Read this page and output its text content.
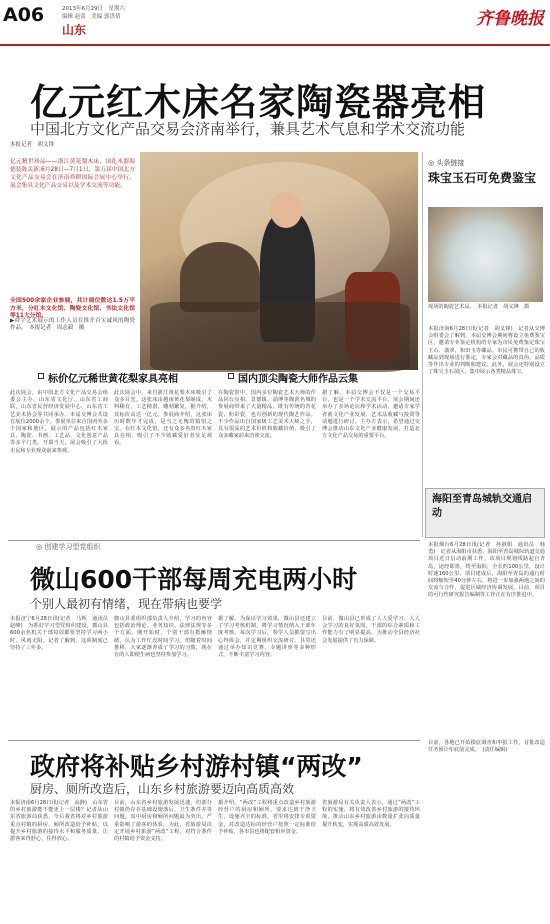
A06	2013年6月29日　星期六
编辑 赵蕾　美编 郭洪倩
山东
齐鲁晚报
亿元红木床名家陶瓷器亮相
中国北方文化产品交易会济南举行，兼具艺术气息和学术交流功能
本报记者　胡义锋
亿元精世珍品——浙江黄花梨木床、国礼木器海德装陈关新;6月28日—7月1日，第五届中国北方文化产品交易会在济南舜耕国际会展中心举行。展会集具文化产品交易以及学术交流等功能。
全国500余家企业参展，共计展位数达1.5万平方米，分红木文化馆、陶瓷文化馆、书法文化馆等11大分馆。
▶舜宇艺术展示的工作人员在推介百宝诚风的陶瓷作品。　本报记者　周志毅　摄
◎ 头条链接
珠宝玉石可免费鉴宝
现场的陶瓷艺术品。　本报记者　胡义锋　摄
本报济南6月28日讯(记者　胡义锋)　记者从交博会组委会了解到，本届交博会期间将设立免费鉴宝区，邀请专业鉴定机构的专家为市民免费鉴定珠宝玉石、翡翠、和田玉等藏品。市民可携带自己的收藏品到现场进行鉴定，专家会对藏品的真伪、品质等作出专业的判断和建议。此外，展会还特别设立了珠宝玉石展区，集中展示各类精品珠宝。
标价亿元稀世黄花梨家具亮相	国内顶尖陶瓷大师作品云集
此次展会，由中国北方文化产品交易会组委会主办，山东省文化厅、山东省工商联、山东省民营经济发展中心、山东省工艺美术协会等共同承办。本届交博会共设有展位2000余个，参展单位来自国内外多个国家和地区，展示的产品包括红木家具、陶瓷、书画、工艺品、文化创意产品等多个门类。开幕当天，展会吸引了大批市民和专业观众前来参观。
此次展会中，来自浙江黄花梨木床吸引了众多目光。这张床由越南黄花梨制成，木料稀有，工艺精湛，雕刻繁复，据介绍，其标价高达一亿元。参展商介绍，这张床历时数年才完成，是当之无愧的镇馆之宝。在红木文化馆，还有众多名贵红木家具亮相，吸引了不少收藏爱好者驻足观看。
在陶瓷馆中，国内多位陶瓷艺术大师的作品同台亮相。景德镇、淄博等陶瓷名城的参展商带来了大量精品，既有传统的青花瓷、粉彩瓷，也有创新的现代陶艺作品。不少作品出自国家级工艺美术大师之手，具有很高的艺术价值和收藏价值，吸引了众多藏家前来洽谈交流。
据了解，本届交博会不仅是一个交易平台，也是一个学术交流平台。展会期间还举办了多场论坛和学术活动，邀请专家学者就文化产业发展、艺术品收藏与投资等话题进行研讨。主办方表示，希望通过交博会推动山东文化产业健康发展，打造北方文化产品交易的重要平台。
海阳至青岛城轨交通启动
本报烟台6月28日讯(记者　孙淑娟　通讯员　韩勇)　记者从海阳市获悉，海阳至青岛城际轨道交通项目近日启动前期工作。该项目规划线路起自青岛，途经即墨，终至海阳，全长约100公里，设计时速160公里。项目建成后，海阳至青岛的通行时间将缩短至40分钟左右，将进一步加强两地之间的交流与合作，促进区域经济协调发展。目前，项目的可行性研究报告编制等工作正在有序推进中。
◎ 创建学习型党组织
微山600干部每周充电两小时
个别人最初有情绪，现在带病也要学
本报济宁6月28日讯(记者　马辉　通讯员　赵峰)　为抓好学习型党组织建设，微山县600余名机关干部每周都要坚持学习两小时，风雨无阻。记者了解到，这项制度已坚持了三年多。
微山县委组织部负责人介绍，学习的内容包括政治理论、业务知识、法律法规等多个方面。刚开始时，个别干部有抵触情绪，认为工作忙没时间学习。但随着时间推移，大家逐渐养成了学习的习惯，现在有的人即使生病也坚持参加学习。
据了解，为保证学习效果，微山县还建立了学习考核机制，将学习情况纳入干部年度考核。每次学习后，参学人员都要写出心得体会，并定期组织交流研讨。县里还通过举办知识竞赛、专题讲座等多种形式，不断丰富学习内容。
目前，微山县已形成了人人爱学习、人人会学习的良好氛围，干部的综合素质和工作能力有了明显提高，为推动全县经济社会发展提供了有力保障。
政府将补贴乡村游村镇“两改”
厨房、厕所改造后，山东乡村旅游要迈向高质高效
本报济南6月28日讯(记者　高静)　山东省的乡村旅游能不能更上一层楼？记者从山东省旅游局获悉，今后我省将对乡村旅游重点村镇的厨房、厕所改造给予补贴，以提升乡村旅游的接待水平和服务质量，让游客来得舒心、住得放心。
目前，山东省乡村旅游发展迅速，但部分村镇仍存在基础设施落后、卫生条件差等问题，其中厨房和厕所问题最为突出，严重影响了游客的体验。为此，省旅游局决定开展乡村旅游“两改”工程，对符合条件的村镇给予资金支持。
据介绍，“两改”工程将重点改造乡村旅游经营户的厨房和厕所，要求达到干净卫生、设施齐全的标准。省里将安排专项资金，对改造达标的经营户按照一定标准给予补贴，各市县也将配套相应资金。
省旅游局有关负责人表示，通过“两改”工程的实施，将有效改善乡村旅游的接待环境，推动山东乡村旅游由数量扩张向质量提升转变，实现高质高效发展。
目前，各地已开始摸底调查和申报工作，首批改造任务预计年底前完成。　(责任编辑)
